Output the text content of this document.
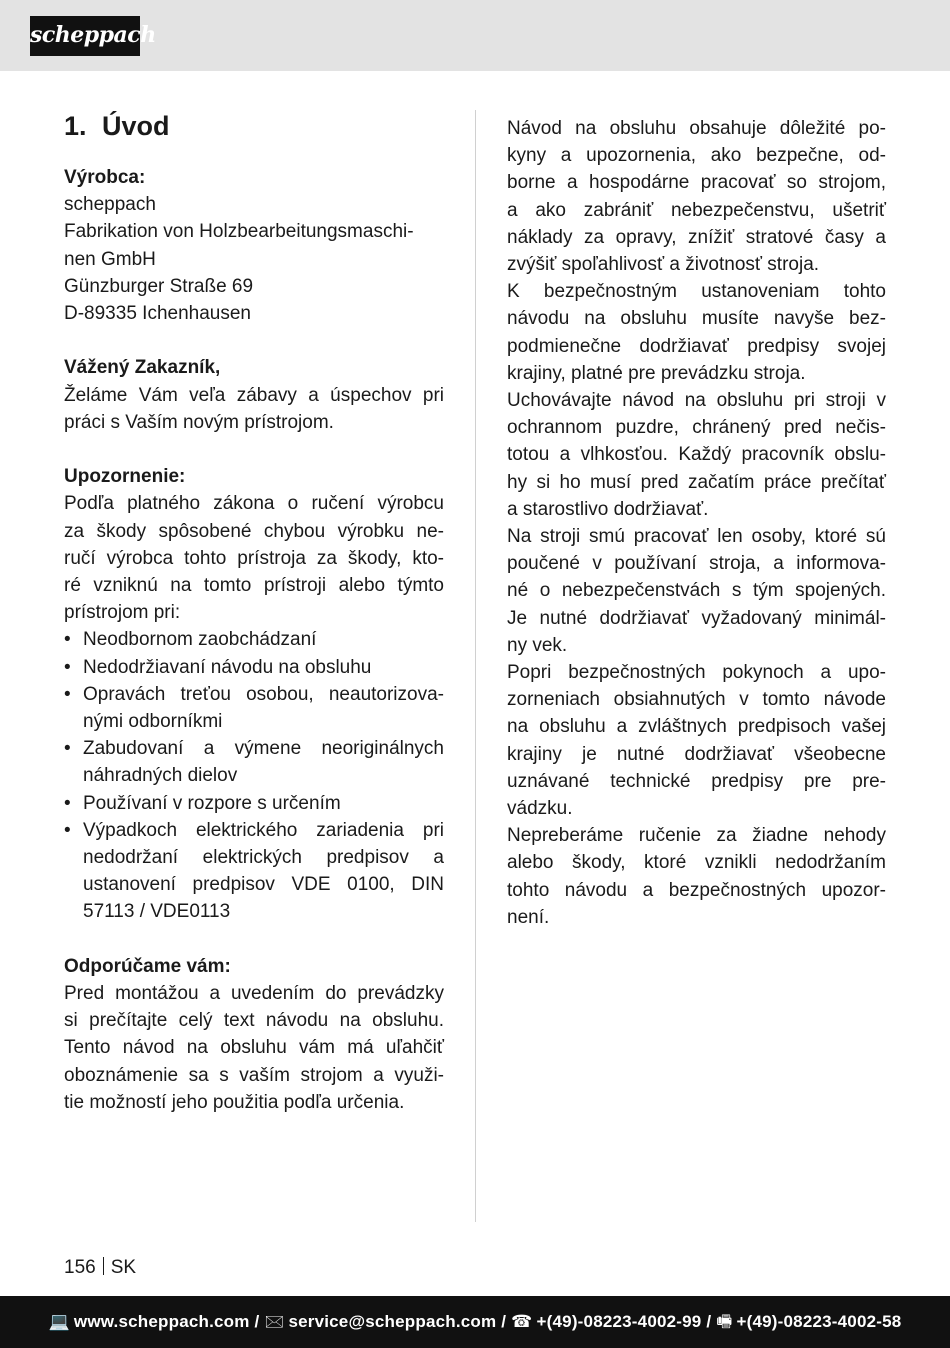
scheppach
1. Úvod
Výrobca:
scheppach
Fabrikation von Holzbearbeitungsmaschi-
nen GmbH
Günzburger Straße 69
D-89335 Ichenhausen
Vážený Zakazník,
Želáme Vám veľa zábavy a úspechov pri
práci s Vaším novým prístrojom.
Upozornenie:
Podľa platného zákona o ručení výrobcu
za škody spôsobené chybou výrobku ne-
ručí výrobca tohto prístroja za škody, kto-
ré vzniknú na tomto prístroji alebo týmto
prístrojom pri:
• Neodbornom zaobchádzaní
• Nedodržiavaní návodu na obsluhu
• Opravách treťou osobou, neautorizova-
nými odborníkmi
• Zabudovaní a výmene neoriginálnych
náhradných dielov
• Používaní v rozpore s určením
• Výpadkoch elektrického zariadenia pri
nedodržaní elektrických predpisov a
ustanovení predpisov VDE 0100, DIN
57113 / VDE0113
Odporúčame vám:
Pred montážou a uvedením do prevádzky
si prečítajte celý text návodu na obsluhu.
Tento návod na obsluhu vám má uľahčiť
oboznámenie sa s vaším strojom a využi-
tie možností jeho použitia podľa určenia.
Návod na obsluhu obsahuje dôležité po-
kyny a upozornenia, ako bezpečne, od-
borne a hospodárne pracovať so strojom,
a ako zabrániť nebezpečenstvu, ušetriť
náklady za opravy, znížiť stratové časy a
zvýšiť spoľahlivosť a životnosť stroja.
K bezpečnostným ustanoveniam tohto
návodu na obsluhu musíte navyše bez-
podmienečne dodržiavať predpisy svojej
krajiny, platné pre prevádzku stroja.
Uchovávajte návod na obsluhu pri stroji v
ochrannom puzdre, chránený pred nečis-
totou a vlhkosťou. Každý pracovník obslu-
hy si ho musí pred začatím práce prečítať
a starostlivo dodržiavať.
Na stroji smú pracovať len osoby, ktoré sú
poučené v používaní stroja, a informova-
né o nebezpečenstvách s tým spojených.
Je nutné dodržiavať vyžadovaný minimál-
ny vek.
Popri bezpečnostných pokynoch a upo-
zorneniach obsiahnutých v tomto návode
na obsluhu a zvláštnych predpisoch vašej
krajiny je nutné dodržiavať všeobecne
uznávané technické predpisy pre pre-
vádzku.
Nepreberáme ručenie za žiadne nehody
alebo škody, ktoré vznikli nedodržaním
tohto návodu a bezpečnostných upozor-
není.
156 SK
💻 www.scheppach.com / 🖂 service@scheppach.com / ☎ +(49)-08223-4002-99 / 🖷 +(49)-08223-4002-58
